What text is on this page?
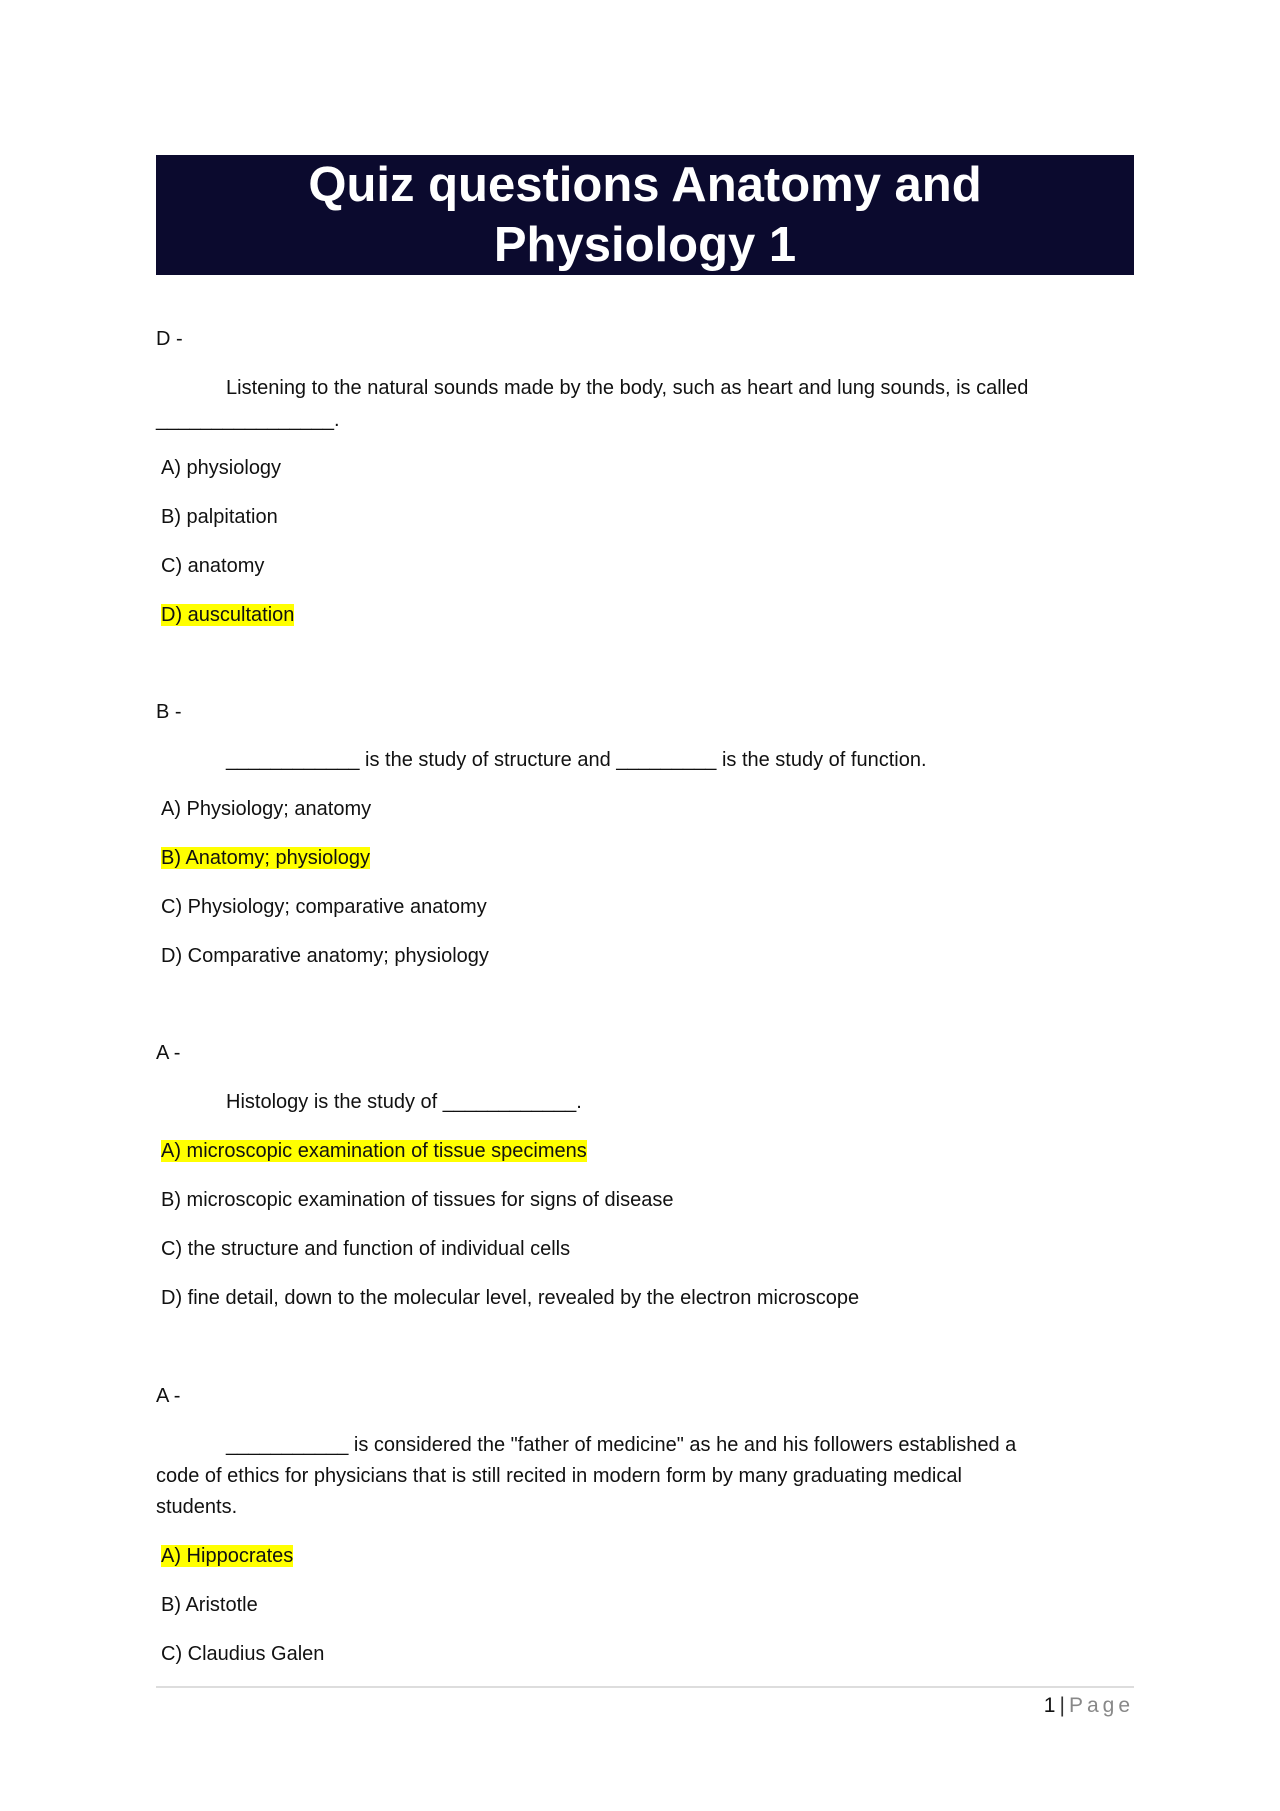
Quiz questions Anatomy and
Physiology 1
D -
Listening to the natural sounds made by the body, such as heart and lung sounds, is called
________________.
A) physiology
B) palpitation
C) anatomy
D) auscultation
B -
____________ is the study of structure and _________ is the study of function.
A) Physiology; anatomy
B) Anatomy; physiology
C) Physiology; comparative anatomy
D) Comparative anatomy; physiology
A -
Histology is the study of ____________.
A) microscopic examination of tissue specimens
B) microscopic examination of tissues for signs of disease
C) the structure and function of individual cells
D) fine detail, down to the molecular level, revealed by the electron microscope
A -
___________ is considered the "father of medicine" as he and his followers established a
code of ethics for physicians that is still recited in modern form by many graduating medical
students.
A) Hippocrates
B) Aristotle
C) Claudius Galen
1 | Page
